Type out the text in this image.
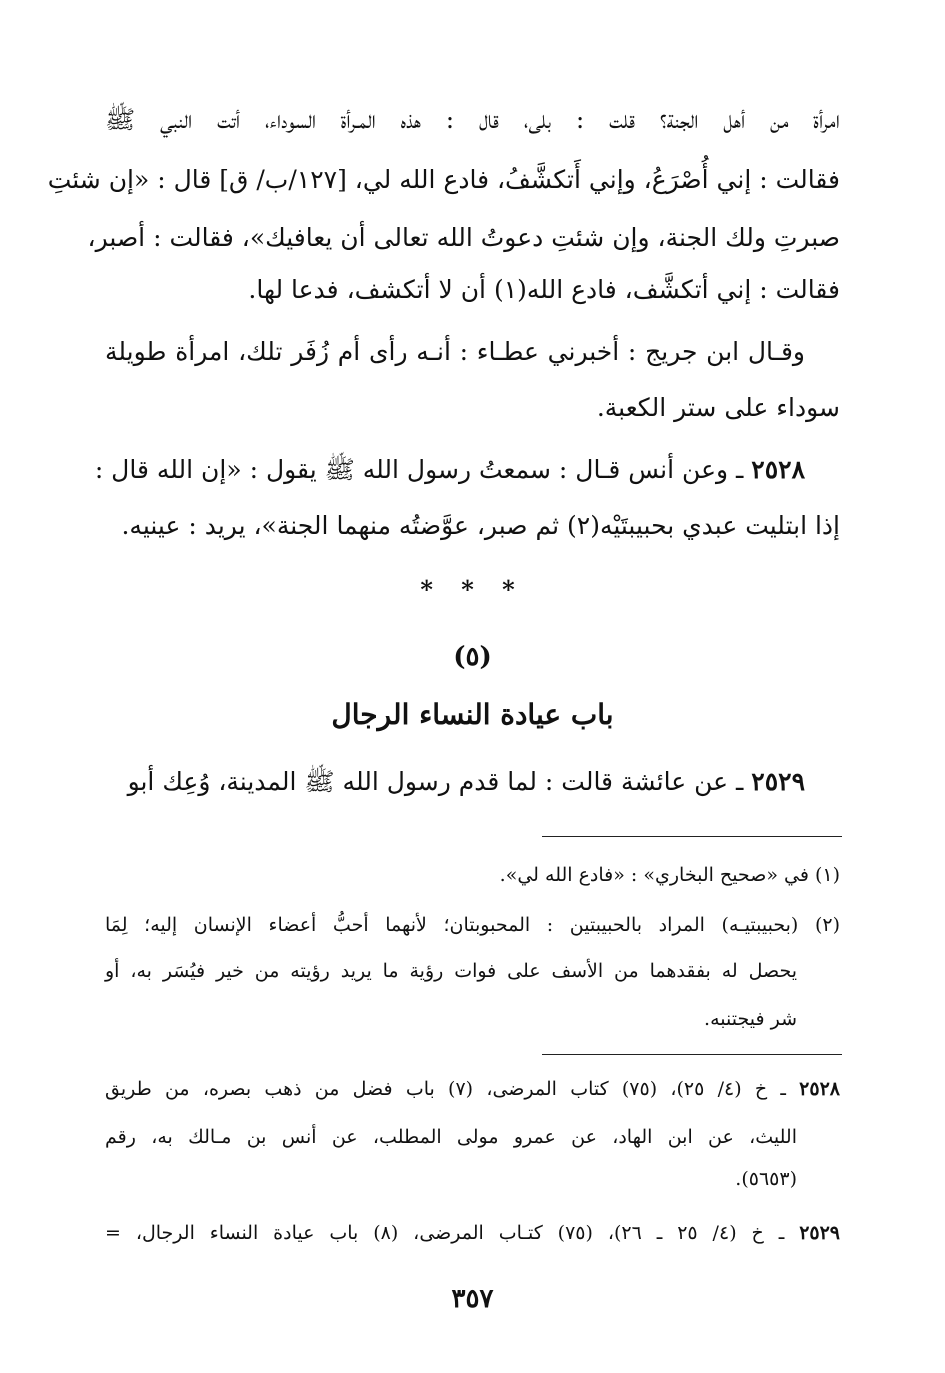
امرأة من أهل الجنة؟ قلت : بلى، قال : هذه المـرأة السوداء، أتت النبي ﷺ
فقالت : إني أُصْرَعُ، وإني أَتكشَّفُ، فادع الله لي، [١٢٧/ب/ ق] قال : «إن شئتِ
صبرتِ ولك الجنة، وإن شئتِ دعوتُ الله تعالى أن يعافيك»، فقالت : أصبر،
فقالت : إني أتكشَّف، فادع الله(١) أن لا أتكشف، فدعا لها.
وقـال ابن جريج : أخبرني عطـاء : أنـه رأى أم زُفَر تلك، امرأة طويلة
سوداء على ستر الكعبة.
٢٥٢٨ ـ وعن أنس قـال : سمعتُ رسول الله ﷺ يقول : «إن الله قال :
إذا ابتليت عبدي بحبيبتَيْه(٢) ثم صبر، عوَّضتُه منهما الجنة»، يريد : عينيه.
* * *
(٥)
باب عيادة النساء الرجال
٢٥٢٩ ـ عن عائشة قالت : لما قدم رسول الله ﷺ المدينة، وُعِك أبو
(١) في «صحيح البخاري» : «فادع الله لي».
(٢) (بحبيبتيـه) المراد بالحبيبتين : المحبوبتان؛ لأنهما أحبُّ أعضاء الإنسان إليه؛ لِمَا
يحصل له بفقدهما من الأسف على فوات رؤية ما يريد رؤيته من خير فيُسَر به، أو
شر فيجتنبه.
٢٥٢٨ ـ خ (٤/ ٢٥)، (٧٥) كتاب المرضى، (٧) باب فضل من ذهب بصره، من طريق
الليث، عن ابن الهاد، عن عمرو مولى المطلب، عن أنس بن مـالك به، رقم
(٥٦٥٣).
٢٥٢٩ ـ خ (٤/ ٢٥ ـ ٢٦)، (٧٥) كتـاب المرضى، (٨) باب عيادة النساء الرجال، =
٣٥٧
